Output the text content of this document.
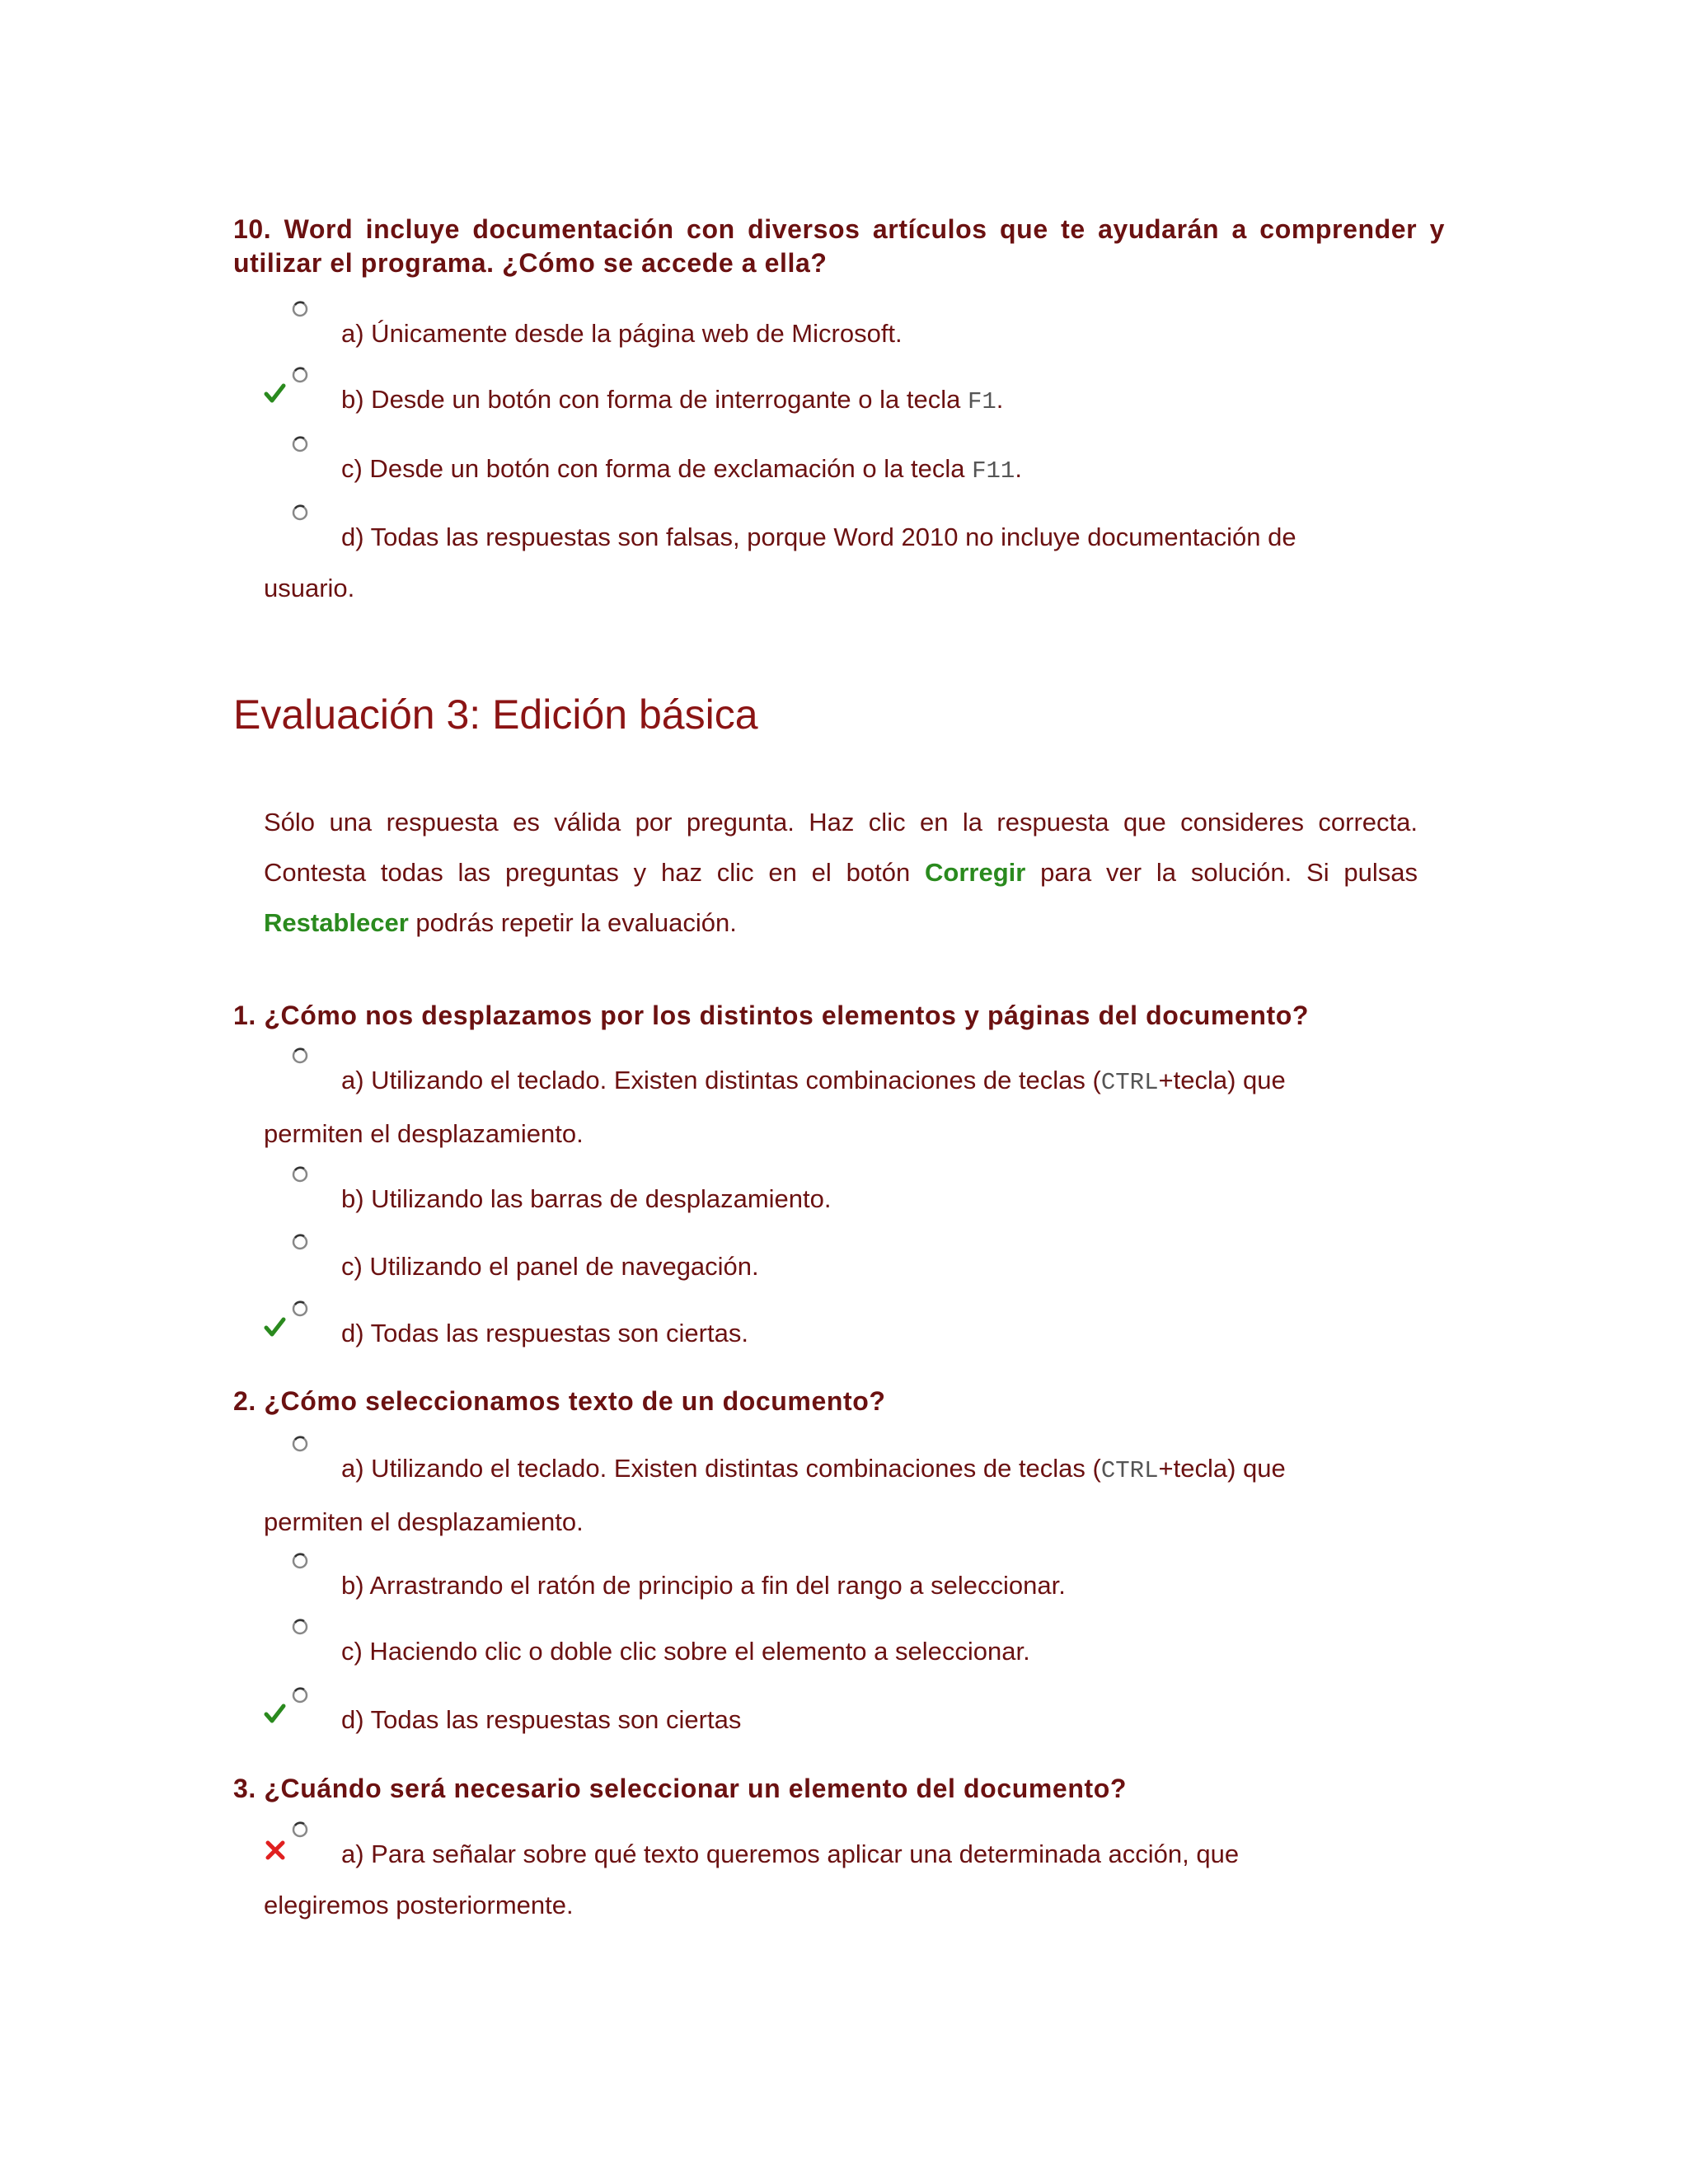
10. Word incluye documentación con diversos artículos que te ayudarán a comprender y utilizar el programa. ¿Cómo se accede a ella?

a) Únicamente desde la página web de Microsoft.
b) Desde un botón con forma de interrogante o la tecla F1.
c) Desde un botón con forma de exclamación o la tecla F11.
d) Todas las respuestas son falsas, porque Word 2010 no incluye documentación de
usuario.
Evaluación 3: Edición básica
Sólo una respuesta es válida por pregunta. Haz clic en la respuesta que consideres correcta. Contesta todas las preguntas y haz clic en el botón Corregir para ver la solución. Si pulsas Restablecer podrás repetir la evaluación.

1. ¿Cómo nos desplazamos por los distintos elementos y páginas del documento?

a) Utilizando el teclado. Existen distintas combinaciones de teclas (CTRL+tecla) que
permiten el desplazamiento.
b) Utilizando las barras de desplazamiento.
c) Utilizando el panel de navegación.
d) Todas las respuestas son ciertas.

2. ¿Cómo seleccionamos texto de un documento?

a) Utilizando el teclado. Existen distintas combinaciones de teclas (CTRL+tecla) que
permiten el desplazamiento.
b) Arrastrando el ratón de principio a fin del rango a seleccionar.
c) Haciendo clic o doble clic sobre el elemento a seleccionar.
d) Todas las respuestas son ciertas

3. ¿Cuándo será necesario seleccionar un elemento del documento?

a) Para señalar sobre qué texto queremos aplicar una determinada acción, que
elegiremos posteriormente.
